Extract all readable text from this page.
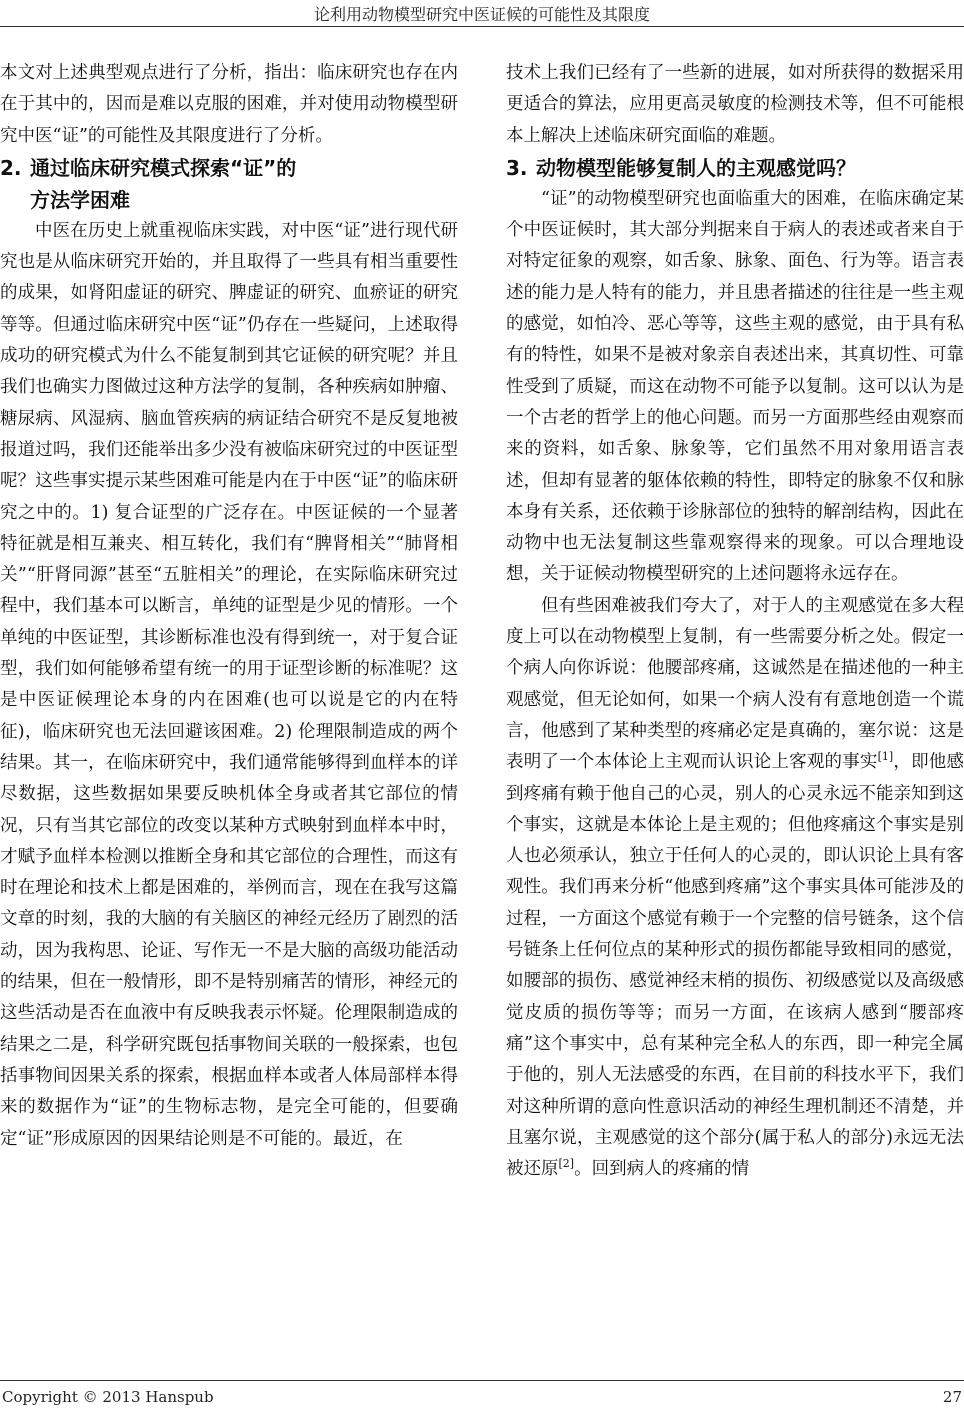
论利用动物模型研究中医证候的可能性及其限度

本文对上述典型观点进行了分析，指出：临床研究也存在内在于其中的，因而是难以克服的困难，并对使用动物模型研究中医“证”的可能性及其限度进行了分析。

2. 通过临床研究模式探索“证”的
方法学困难

中医在历史上就重视临床实践，对中医“证”进行现代研究也是从临床研究开始的，并且取得了一些具有相当重要性的成果，如肾阳虚证的研究、脾虚证的研究、血瘀证的研究等等。但通过临床研究中医“证”仍存在一些疑问，上述取得成功的研究模式为什么不能复制到其它证候的研究呢？并且我们也确实力图做过这种方法学的复制，各种疾病如肿瘤、糖尿病、风湿病、脑血管疾病的病证结合研究不是反复地被报道过吗，我们还能举出多少没有被临床研究过的中医证型呢？这些事实提示某些困难可能是内在于中医“证”的临床研究之中的。1) 复合证型的广泛存在。中医证候的一个显著特征就是相互兼夹、相互转化，我们有“脾肾相关”“肺肾相关”“肝肾同源”甚至“五脏相关”的理论，在实际临床研究过程中，我们基本可以断言，单纯的证型是少见的情形。一个单纯的中医证型，其诊断标准也没有得到统一，对于复合证型，我们如何能够希望有统一的用于证型诊断的标准呢？这是中医证候理论本身的内在困难(也可以说是它的内在特征)，临床研究也无法回避该困难。2) 伦理限制造成的两个结果。其一，在临床研究中，我们通常能够得到血样本的详尽数据，这些数据如果要反映机体全身或者其它部位的情况，只有当其它部位的改变以某种方式映射到血样本中时，才赋予血样本检测以推断全身和其它部位的合理性，而这有时在理论和技术上都是困难的，举例而言，现在在我写这篇文章的时刻，我的大脑的有关脑区的神经元经历了剧烈的活动，因为我构思、论证、写作无一不是大脑的高级功能活动的结果，但在一般情形，即不是特别痛苦的情形，神经元的这些活动是否在血液中有反映我表示怀疑。伦理限制造成的结果之二是，科学研究既包括事物间关联的一般探索，也包括事物间因果关系的探索，根据血样本或者人体局部样本得来的数据作为“证”的生物标志物，是完全可能的，但要确定“证”形成原因的因果结论则是不可能的。最近，在

技术上我们已经有了一些新的进展，如对所获得的数据采用更适合的算法，应用更高灵敏度的检测技术等，但不可能根本上解决上述临床研究面临的难题。

3. 动物模型能够复制人的主观感觉吗？

“证”的动物模型研究也面临重大的困难，在临床确定某个中医证候时，其大部分判据来自于病人的表述或者来自于对特定征象的观察，如舌象、脉象、面色、行为等。语言表述的能力是人特有的能力，并且患者描述的往往是一些主观的感觉，如怕冷、恶心等等，这些主观的感觉，由于具有私有的特性，如果不是被对象亲自表述出来，其真切性、可靠性受到了质疑，而这在动物不可能予以复制。这可以认为是一个古老的哲学上的他心问题。而另一方面那些经由观察而来的资料，如舌象、脉象等，它们虽然不用对象用语言表述，但却有显著的躯体依赖的特性，即特定的脉象不仅和脉本身有关系，还依赖于诊脉部位的独特的解剖结构，因此在动物中也无法复制这些靠观察得来的现象。可以合理地设想，关于证候动物模型研究的上述问题将永远存在。

但有些困难被我们夸大了，对于人的主观感觉在多大程度上可以在动物模型上复制，有一些需要分析之处。假定一个病人向你诉说：他腰部疼痛，这诚然是在描述他的一种主观感觉，但无论如何，如果一个病人没有有意地创造一个谎言，他感到了某种类型的疼痛必定是真确的，塞尔说：这是表明了一个本体论上主观而认识论上客观的事实[1]，即他感到疼痛有赖于他自己的心灵，别人的心灵永远不能亲知到这个事实，这就是本体论上是主观的；但他疼痛这个事实是别人也必须承认，独立于任何人的心灵的，即认识论上具有客观性。我们再来分析“他感到疼痛”这个事实具体可能涉及的过程，一方面这个感觉有赖于一个完整的信号链条，这个信号链条上任何位点的某种形式的损伤都能导致相同的感觉，如腰部的损伤、感觉神经末梢的损伤、初级感觉以及高级感觉皮质的损伤等等；而另一方面，在该病人感到“腰部疼痛”这个事实中，总有某种完全私人的东西，即一种完全属于他的，别人无法感受的东西，在目前的科技水平下，我们对这种所谓的意向性意识活动的神经生理机制还不清楚，并且塞尔说，主观感觉的这个部分(属于私人的部分)永远无法被还原[2]。回到病人的疼痛的情

Copyright © 2013 Hanspub	27
